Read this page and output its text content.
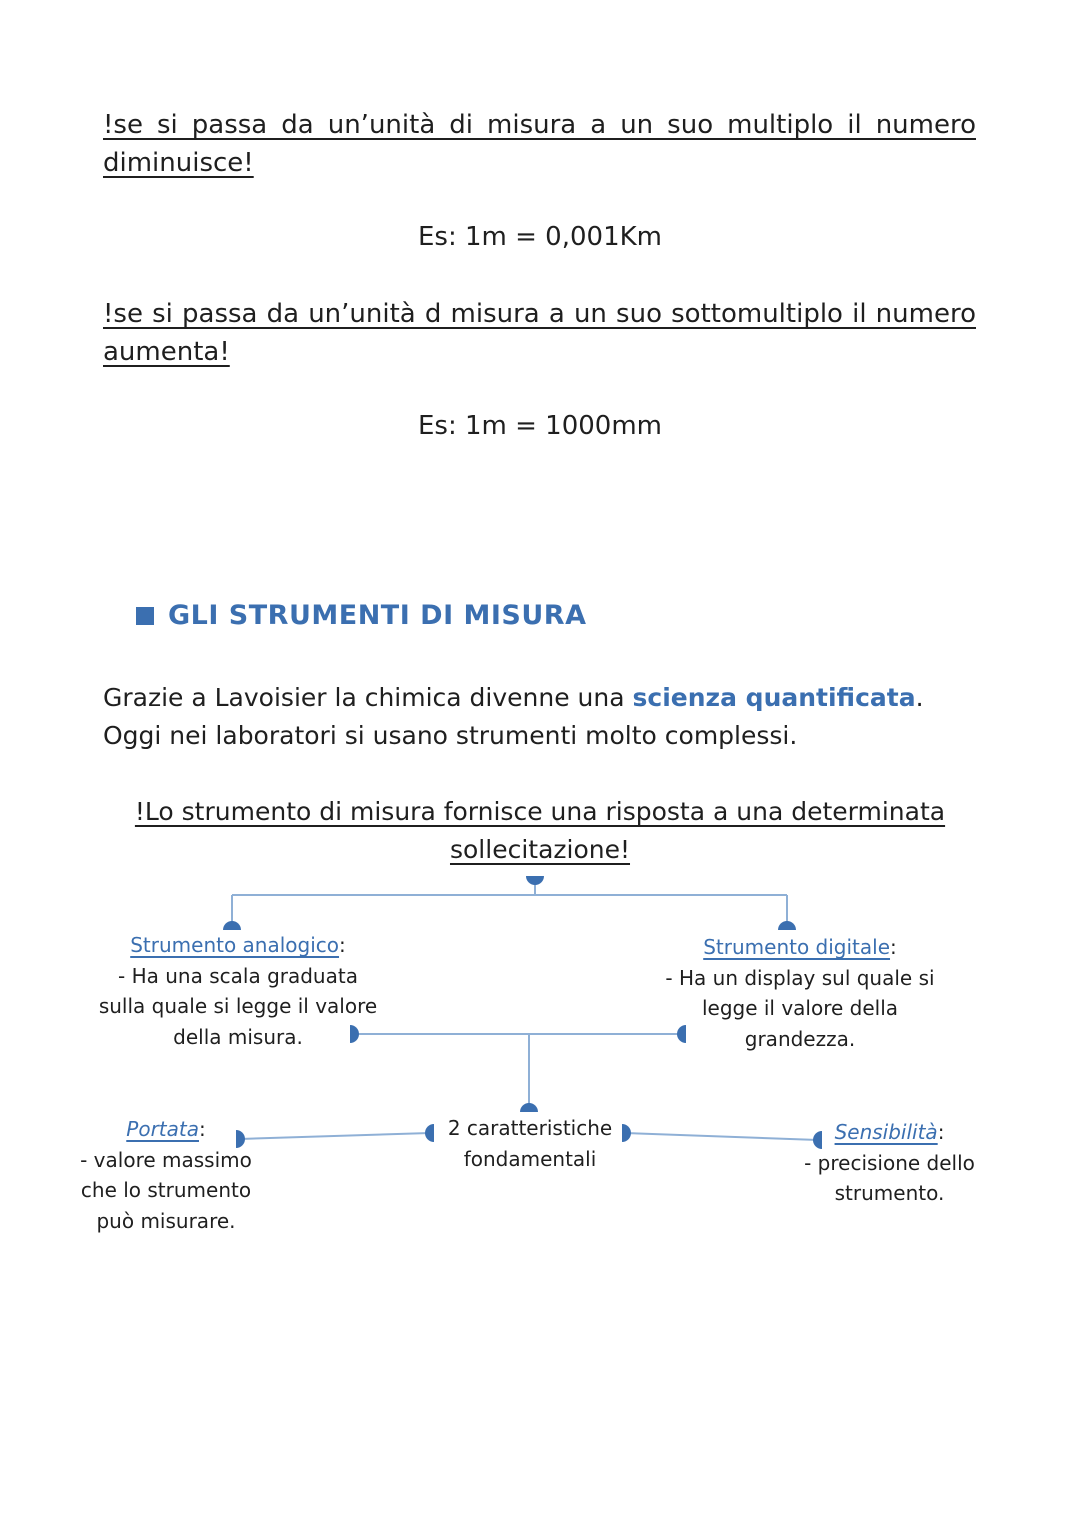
!se si passa da un’unità di misura a un suo multiplo il numero diminuisce!
Es: 1m = 0,001Km
!se si passa da un’unità d misura a un suo sottomultiplo il numero aumenta!
Es: 1m = 1000mm
GLI STRUMENTI DI MISURA
Grazie a Lavoisier la chimica divenne una scienza quantificata.
Oggi nei laboratori si usano strumenti molto complessi.
!Lo strumento di misura fornisce una risposta a una determinata sollecitazione!
Strumento analogico:
- Ha una scala graduata
sulla quale si legge il valore
della misura.
Strumento digitale:
- Ha un display sul quale si
legge il valore della
grandezza.
2 caratteristiche
fondamentali
Portata:
- valore massimo
che lo strumento
può misurare.
Sensibilità:
- precisione dello
strumento.
